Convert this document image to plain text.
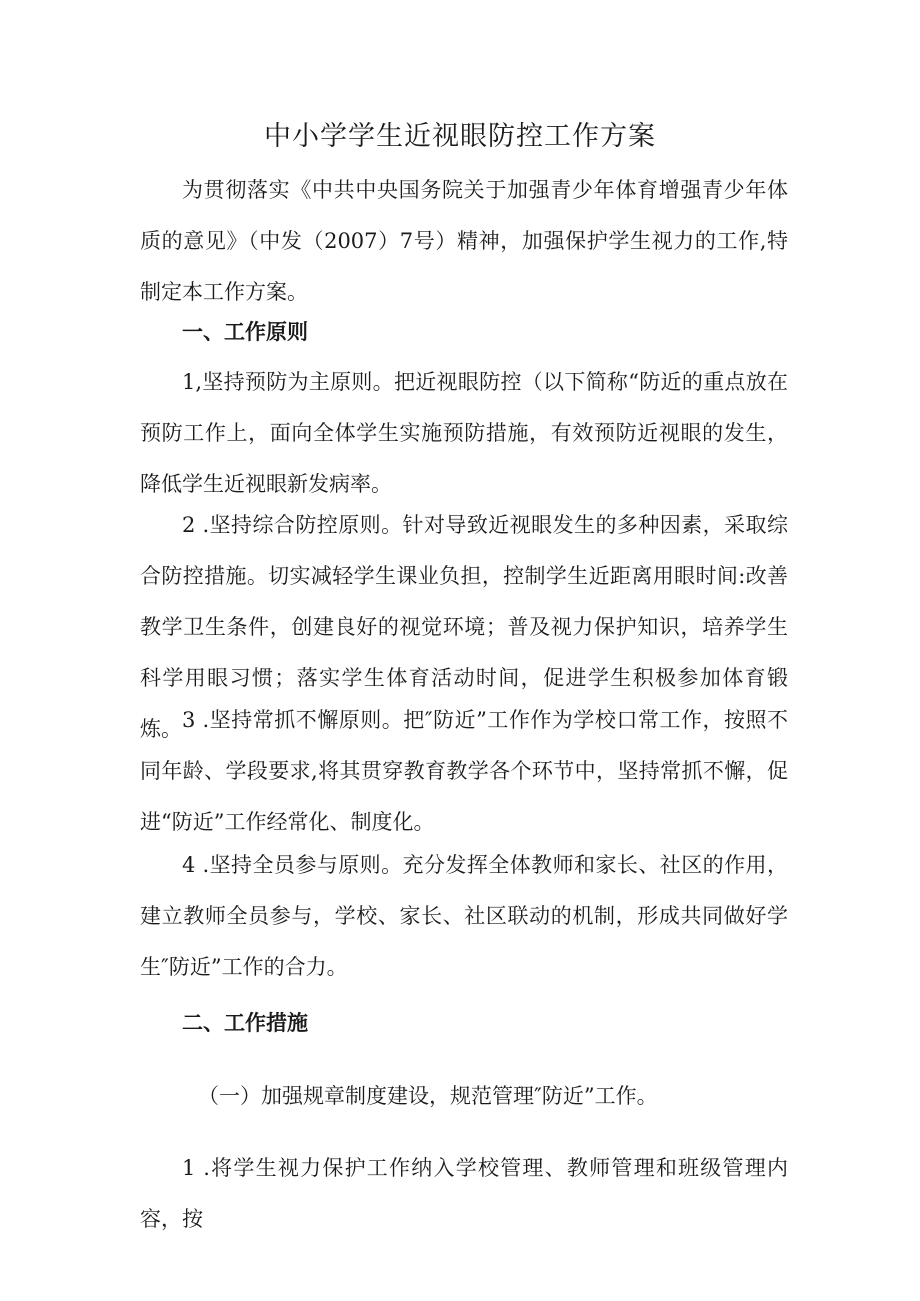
中小学学生近视眼防控工作方案

为贯彻落实《中共中央国务院关于加强青少年体育增强青少年体质的意见》（中发（2007）7号）精神，加强保护学生视力的工作,特制定本工作方案。

一、工作原则

1,坚持预防为主原则。把近视眼防控（以下简称“防近的重点放在预防工作上，面向全体学生实施预防措施，有效预防近视眼的发生，降低学生近视眼新发病率。

2 .坚持综合防控原则。针对导致近视眼发生的多种因素，采取综合防控措施。切实减轻学生课业负担，控制学生近距离用眼时间:改善教学卫生条件，创建良好的视觉环境；普及视力保护知识，培养学生科学用眼习惯；落实学生体育活动时间，促进学生积极参加体育锻炼。 3 .坚持常抓不懈原则。把″防近”工作作为学校口常工作，按照不同年龄、学段要求,将其贯穿教育教学各个环节中，坚持常抓不懈，促进“防近”工作经常化、制度化。

4 .坚持全员参与原则。充分发挥全体教师和家长、社区的作用，建立教师全员参与，学校、家长、社区联动的机制，形成共同做好学生″防近”工作的合力。

二、工作措施

（一）加强规章制度建设，规范管理″防近”工作。

1 .将学生视力保护工作纳入学校管理、教师管理和班级管理内容，按
